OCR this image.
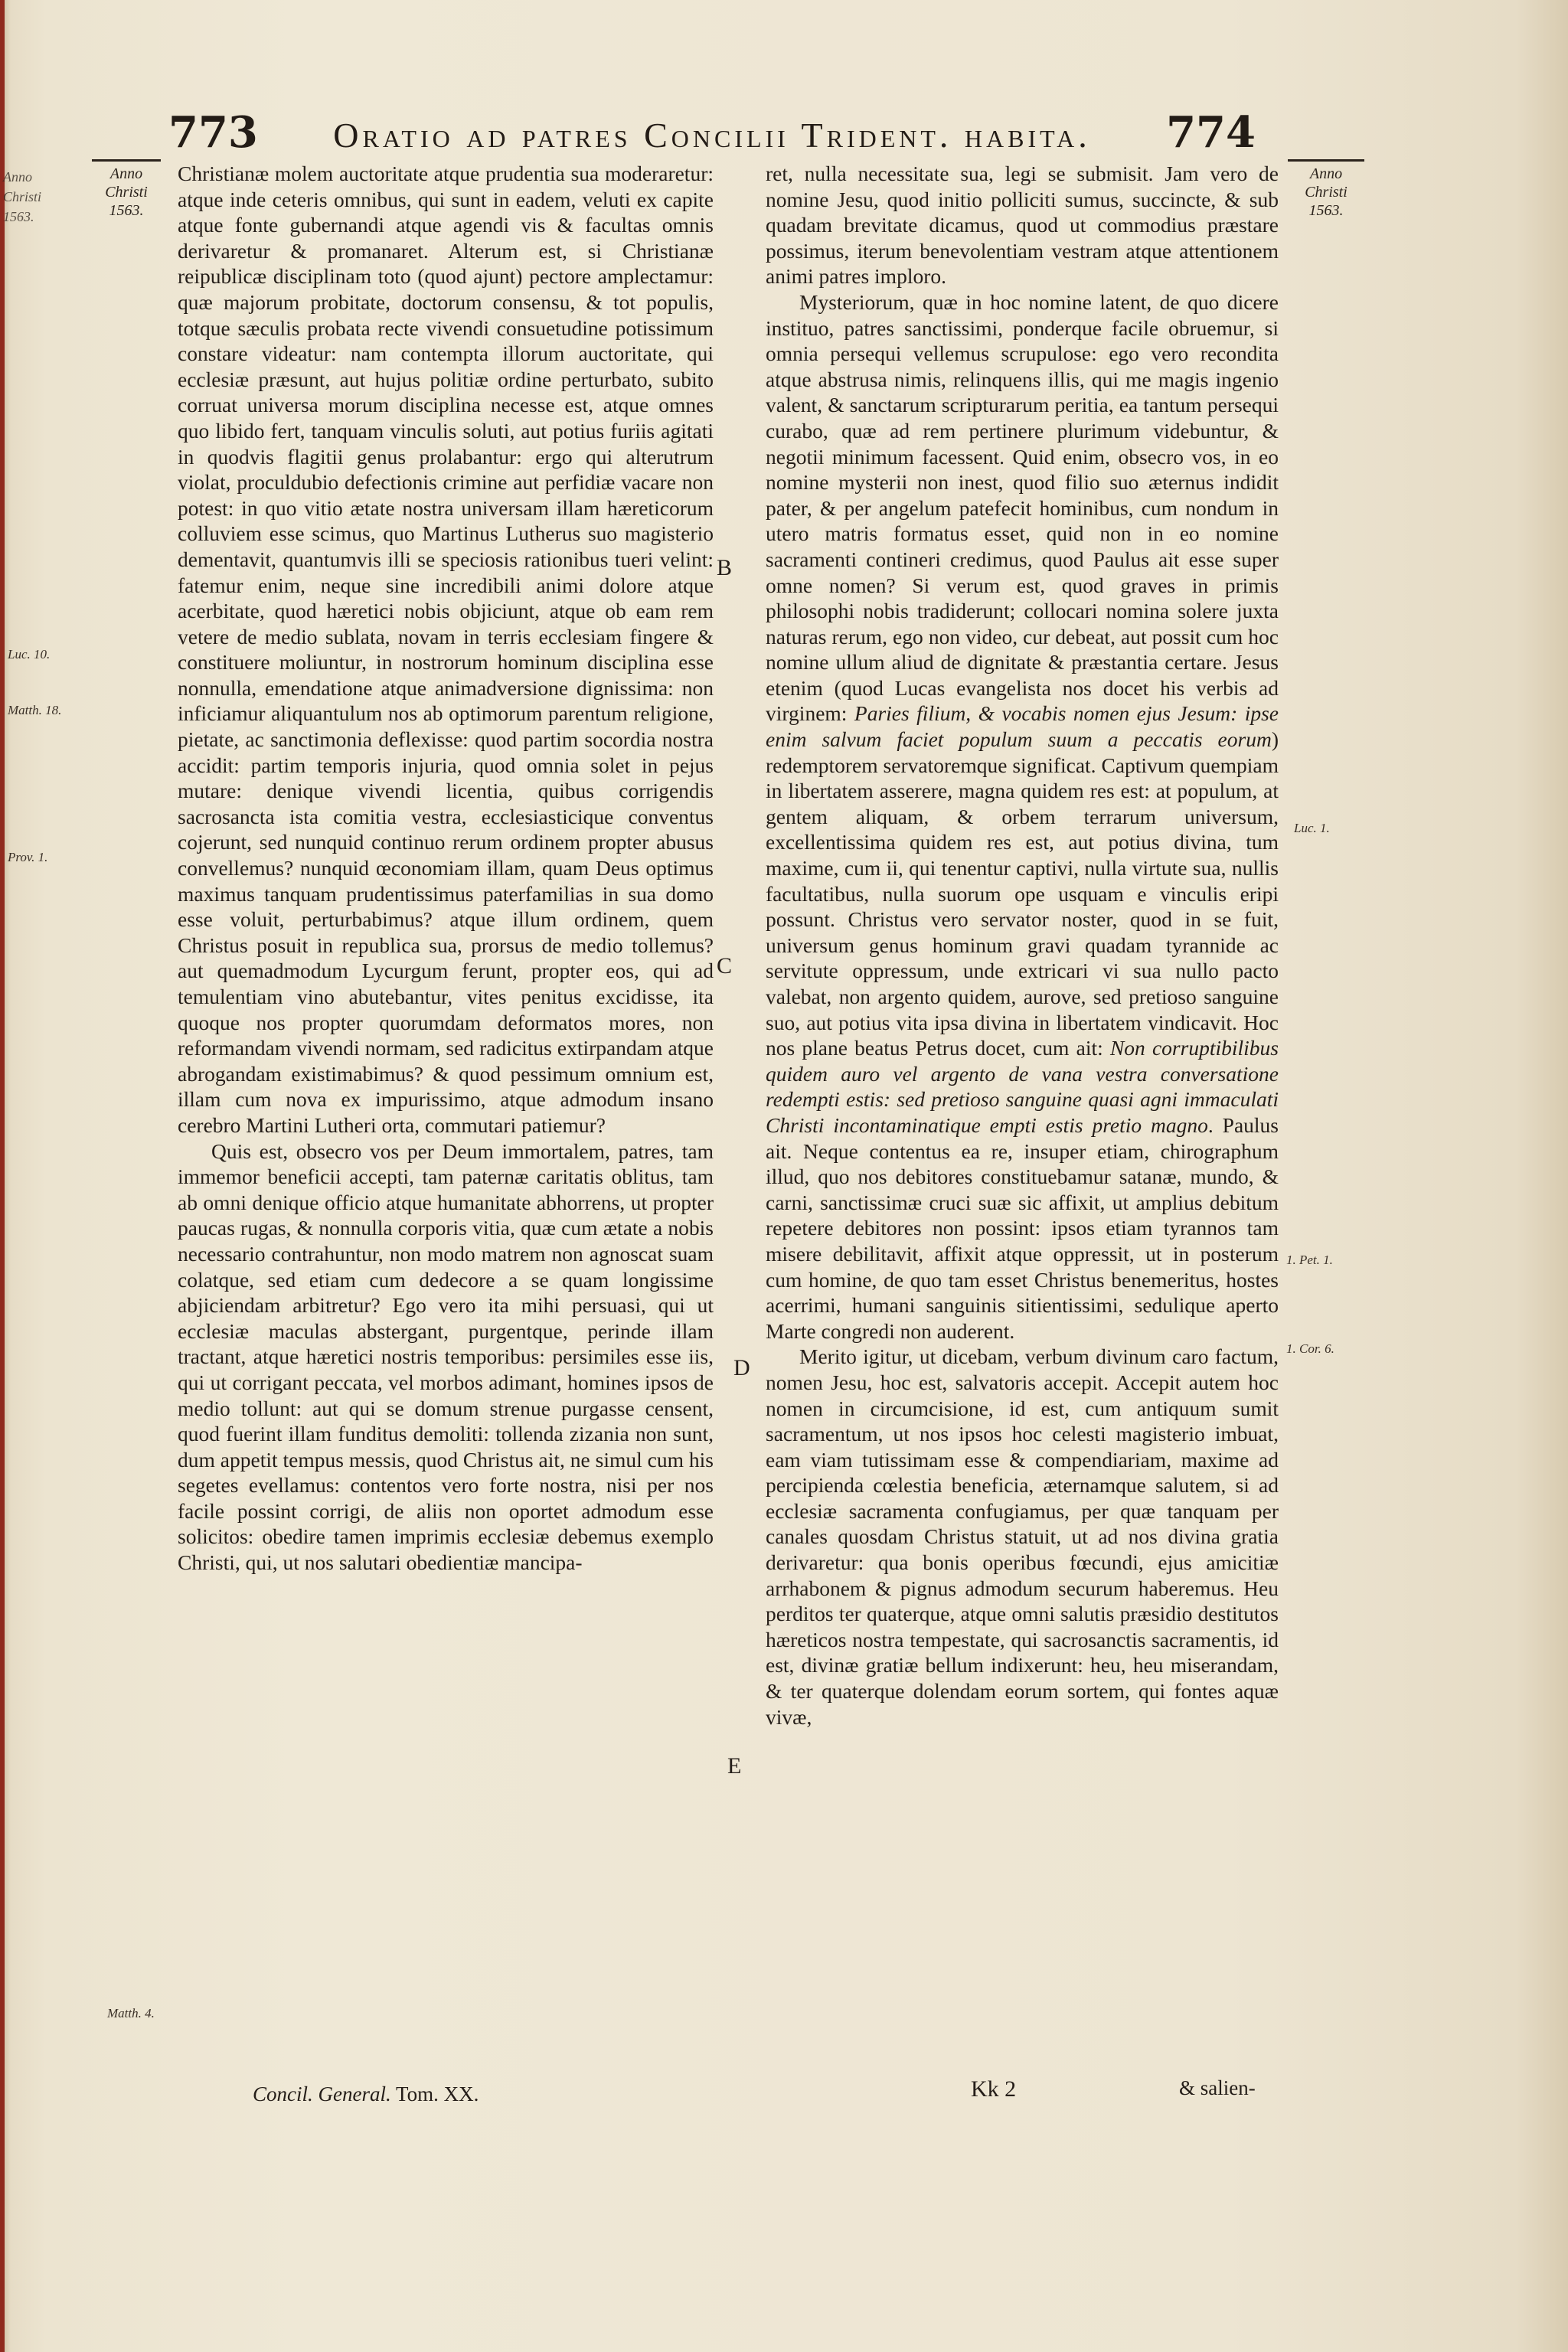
Anno
Christi
1563.
773 Oratio ad patres Concilii Trident. habita. 774
Anno
Christi
1563.
Anno
Christi
1563.

Christianæ molem auctoritate atque prudentia sua moderaretur: atque inde ceteris omnibus, qui sunt in eadem, veluti ex capite atque fonte gubernandi atque agendi vis & facultas omnis derivaretur & promanaret. Alterum est, si Christianæ reipublicæ disciplinam toto (quod ajunt) pectore amplectamur: quæ majorum probitate, doctorum consensu, & tot populis, totque sæculis probata recte vivendi consuetudine potissimum constare videatur: nam contempta illorum auctoritate, qui ecclesiæ præsunt, aut hujus politiæ ordine perturbato, subito corruat universa morum disciplina necesse est, atque omnes quo libido fert, tanquam vinculis soluti, aut potius furiis agitati in quodvis flagitii genus prolabantur: ergo qui alterutrum violat, proculdubio defectionis crimine aut perfidiæ vacare non potest: in quo vitio ætate nostra universam illam hæreticorum colluviem esse scimus, quo Martinus Lutherus suo magisterio dementavit, quantumvis illi se speciosis rationibus tueri velint: fatemur enim, neque sine incredibili animi dolore atque acerbitate, quod hæretici nobis objiciunt, atque ob eam rem vetere de medio sublata, novam in terris ecclesiam fingere & constituere moliuntur, in nostrorum hominum disciplina esse nonnulla, emendatione atque animadversione dignissima: non inficiamur aliquantulum nos ab optimorum parentum religione, pietate, ac sanctimonia deflexisse: quod partim socordia nostra accidit: partim temporis injuria, quod omnia solet in pejus mutare: denique vivendi licentia, quibus corrigendis sacrosancta ista comitia vestra, ecclesiasticique conventus cojerunt, sed nunquid continuo rerum ordinem propter abusus convellemus? nunquid œconomiam illam, quam Deus optimus maximus tanquam prudentissimus paterfamilias in sua domo esse voluit, perturbabimus? atque illum ordinem, quem Christus posuit in republica sua, prorsus de medio tollemus? aut quemadmodum Lycurgum ferunt, propter eos, qui ad temulentiam vino abutebantur, vites penitus excidisse, ita quoque nos propter quorumdam deformatos mores, non reformandam vivendi normam, sed radicitus extirpandam atque abrogandam existimabimus? & quod pessimum omnium est, illam cum nova ex impurissimo, atque admodum insano cerebro Martini Lutheri orta, commutari patiemur?

Quis est, obsecro vos per Deum immortalem, patres, tam immemor beneficii accepti, tam paternæ caritatis oblitus, tam ab omni denique officio atque humanitate abhorrens, ut propter paucas rugas, & nonnulla corporis vitia, quæ cum ætate a nobis necessario contrahuntur, non modo matrem non agnoscat suam colatque, sed etiam cum dedecore a se quam longissime abjiciendam arbitretur? Ego vero ita mihi persuasi, qui ut ecclesiæ maculas abstergant, purgentque, perinde illam tractant, atque hæretici nostris temporibus: persimiles esse iis, qui ut corrigant peccata, vel morbos adimant, homines ipsos de medio tollunt: aut qui se domum strenue purgasse censent, quod fuerint illam funditus demoliti: tollenda zizania non sunt, dum appetit tempus messis, quod Christus ait, ne simul cum his segetes evellamus: contentos vero forte nostra, nisi per nos facile possint corrigi, de aliis non oportet admodum esse solicitos: obedire tamen imprimis ecclesiæ debemus exemplo Christi, qui, ut nos salutari obedientiæ mancipa-

ret, nulla necessitate sua, legi se submisit. Jam vero de nomine Jesu, quod initio polliciti sumus, succincte, & sub quadam brevitate dicamus, quod ut commodius præstare possimus, iterum benevolentiam vestram atque attentionem animi patres imploro.

Mysteriorum, quæ in hoc nomine latent, de quo dicere instituo, patres sanctissimi, ponderque facile obruemur, si omnia persequi vellemus scrupulose: ego vero recondita atque abstrusa nimis, relinquens illis, qui me magis ingenio valent, & sanctarum scripturarum peritia, ea tantum persequi curabo, quæ ad rem pertinere plurimum videbuntur, & negotii minimum facessent. Quid enim, obsecro vos, in eo nomine mysterii non inest, quod filio suo æternus indidit pater, & per angelum patefecit hominibus, cum nondum in utero matris formatus esset, quid non in eo nomine sacramenti contineri credimus, quod Paulus ait esse super omne nomen? Si verum est, quod graves in primis philosophi nobis tradiderunt; collocari nomina solere juxta naturas rerum, ego non video, cur debeat, aut possit cum hoc nomine ullum aliud de dignitate & præstantia certare. Jesus etenim (quod Lucas evangelista nos docet his verbis ad virginem: Paries filium, & vocabis nomen ejus Jesum: ipse enim salvum faciet populum suum a peccatis eorum) redemptorem servatoremque significat. Captivum quempiam in libertatem asserere, magna quidem res est: at populum, at gentem aliquam, & orbem terrarum universum, excellentissima quidem res est, aut potius divina, tum maxime, cum ii, qui tenentur captivi, nulla virtute sua, nullis facultatibus, nulla suorum ope usquam e vinculis eripi possunt. Christus vero servator noster, quod in se fuit, universum genus hominum gravi quadam tyrannide ac servitute oppressum, unde extricari vi sua nullo pacto valebat, non argento quidem, aurove, sed pretioso sanguine suo, aut potius vita ipsa divina in libertatem vindicavit. Hoc nos plane beatus Petrus docet, cum ait: Non corruptibilibus quidem auro vel argento de vana vestra conversatione redempti estis: sed pretioso sanguine quasi agni immaculati Christi incontaminatique empti estis pretio magno. Paulus ait. Neque contentus ea re, insuper etiam, chirographum illud, quo nos debitores constituebamur satanæ, mundo, & carni, sanctissimæ cruci suæ sic affixit, ut amplius debitum repetere debitores non possint: ipsos etiam tyrannos tam misere debilitavit, affixit atque oppressit, ut in posterum cum homine, de quo tam esset Christus benemeritus, hostes acerrimi, humani sanguinis sitientissimi, sedulique aperto Marte congredi non auderent.

Merito igitur, ut dicebam, verbum divinum caro factum, nomen Jesu, hoc est, salvatoris accepit. Accepit autem hoc nomen in circumcisione, id est, cum antiquum sumit sacramentum, ut nos ipsos hoc celesti magisterio imbuat, eam viam tutissimam esse & compendiariam, maxime ad percipienda cœlestia beneficia, æternamque salutem, si ad ecclesiæ sacramenta confugiamus, per quæ tanquam per canales quosdam Christus statuit, ut ad nos divina gratia derivaretur: qua bonis operibus fœcundi, ejus amicitiæ arrhabonem & pignus admodum securum haberemus. Heu perditos ter quaterque, atque omni salutis præsidio destitutos hæreticos nostra tempestate, qui sacrosanctis sacramentis, id est, divinæ gratiæ bellum indixerunt: heu, heu miserandam, & ter quaterque dolendam eorum sortem, qui fontes aquæ vivæ,

B
C
D
E
Luc. 10.
Matth. 18.
Prov. 1.
Matth. 4.
Luc. 1.
1. Pet. 1.
1. Cor. 6.
Concil. General. Tom. XX.	Kk 2	& salien-
